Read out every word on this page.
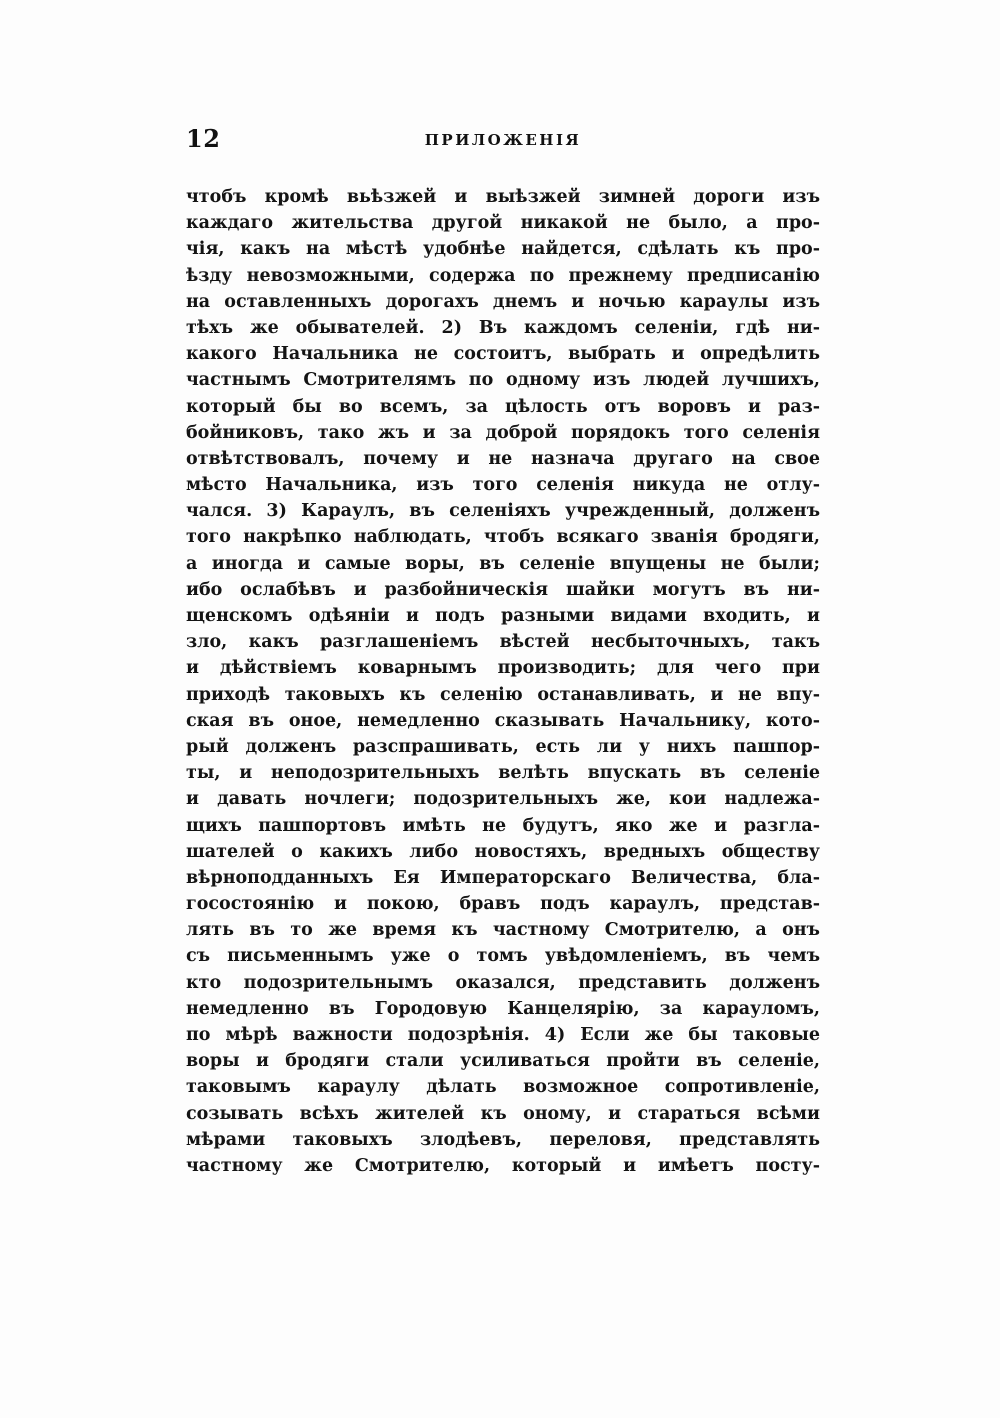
12	ПРИЛОЖЕНІЯ
чтобъ кромѣ вьѣзжей и выѣзжей зимней дороги изъ
каждаго жительства другой никакой не было, а про-
чія, какъ на мѣстѣ удобнѣе найдется, сдѣлать къ про-
ѣзду невозможными, содержа по прежнему предписанію
на оставленныхъ дорогахъ днемъ и ночью караулы изъ
тѣхъ же обывателей. 2) Въ каждомъ селеніи, гдѣ ни-
какого Начальника не состоитъ, выбрать и опредѣлить
частнымъ Смотрителямъ по одному изъ людей лучшихъ,
который бы во всемъ, за цѣлость отъ воровъ и раз-
бойниковъ, тако жъ и за доброй порядокъ того селенія
отвѣтствовалъ, почему и не назнача другаго на свое
мѣсто Начальника, изъ того селенія никуда не отлу-
чался. 3) Караулъ, въ селеніяхъ учрежденный, долженъ
того накрѣпко наблюдать, чтобъ всякаго званія бродяги,
а иногда и самые воры, въ селеніе впущены не были;
ибо ослабѣвъ и разбойническія шайки могутъ въ ни-
щенскомъ одѣяніи и подъ разными видами входить, и
зло, какъ разглашеніемъ вѣстей несбыточныхъ, такъ
и дѣйствіемъ коварнымъ производить; для чего при
приходѣ таковыхъ къ селенію останавливать, и не впу-
ская въ оное, немедленно сказывать Начальнику, кото-
рый долженъ разспрашивать, есть ли у нихъ пашпор-
ты, и неподозрительныхъ велѣть впускать въ селеніе
и давать ночлеги; подозрительныхъ же, кои надлежа-
щихъ пашпортовъ имѣть не будутъ, яко же и разгла-
шателей о какихъ либо новостяхъ, вредныхъ обществу
вѣрноподданныхъ Ея Императорскаго Величества, бла-
госостоянію и покою, бравъ подъ караулъ, представ-
лять въ то же время къ частному Смотрителю, а онъ
съ письменнымъ уже о томъ увѣдомленіемъ, въ чемъ
кто подозрительнымъ оказался, представить долженъ
немедленно въ Городовую Канцелярію, за карауломъ,
по мѣрѣ важности подозрѣнія. 4) Если же бы таковые
воры и бродяги стали усиливаться пройти въ селеніе,
таковымъ караулу дѣлать возможное сопротивленіе,
созывать всѣхъ жителей къ оному, и стараться всѣми
мѣрами таковыхъ злодѣевъ, переловя, представлять
частному же Смотрителю, который и имѣетъ посту-
